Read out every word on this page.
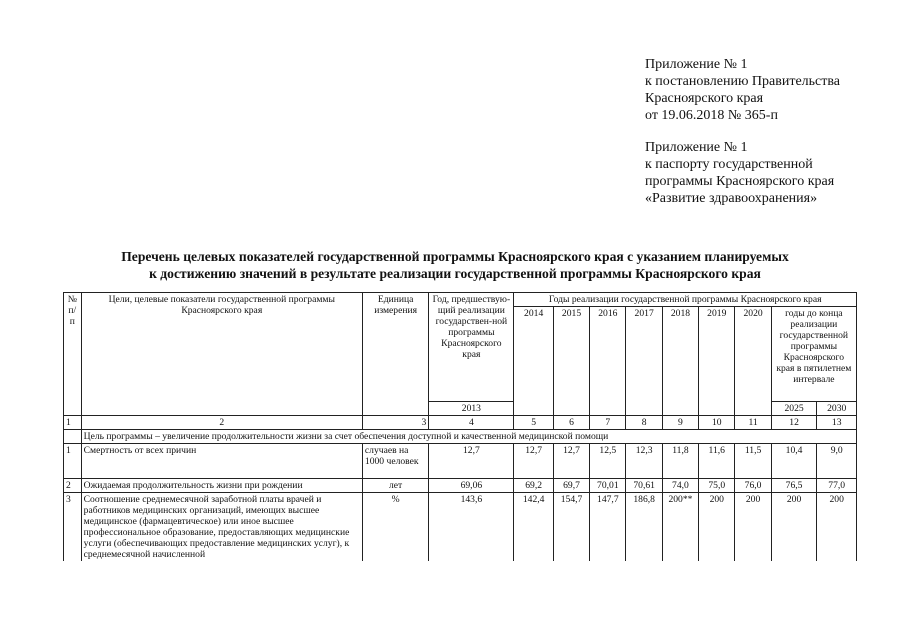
Приложение № 1

к постановлению Правительства

Красноярского края

от 19.06.2018 № 365-п

Приложение № 1

к паспорту государственной

программы Красноярского края

«Развитие здравоохранения»

Перечень целевых показателей государственной программы Красноярского края с указанием планируемых
к достижению значений в результате реализации государственной программы Красноярского края
№ п/п	Цели, целевые показатели государственной программы Красноярского края	Единица измерения	Год, предшествую-щий реализации государствен-ной программы Красноярского края	Годы реализации государственной программы Красноярского края								
				2014	2015	2016	2017	2018	2019	2020	годы до конца реализации государственной программы Красноярского края в пятилетнем интервале	
			2013								2025	2030
1	2	3	4	5	6	7	8	9	10	11	12	13
	Цель программы – увеличение продолжительности жизни за счет обеспечения доступной и качественной медицинской помощи											
1	Смертность от всех причин	случаев на 1000 человек	12,7	12,7	12,7	12,5	12,3	11,8	11,6	11,5	10,4	9,0
2	Ожидаемая продолжительность жизни при рождении	лет	69,06	69,2	69,7	70,01	70,61	74,0	75,0	76,0	76,5	77,0
3	Соотношение среднемесячной заработной платы врачей и работников медицинских организаций, имеющих высшее медицинское (фармацевтическое) или иное высшее профессиональное образование, предоставляющих медицинские услуги (обеспечивающих предоставление медицинских услуг), к среднемесячной начисленной	%	143,6	142,4	154,7	147,7	186,8	200**	200	200	200	200
